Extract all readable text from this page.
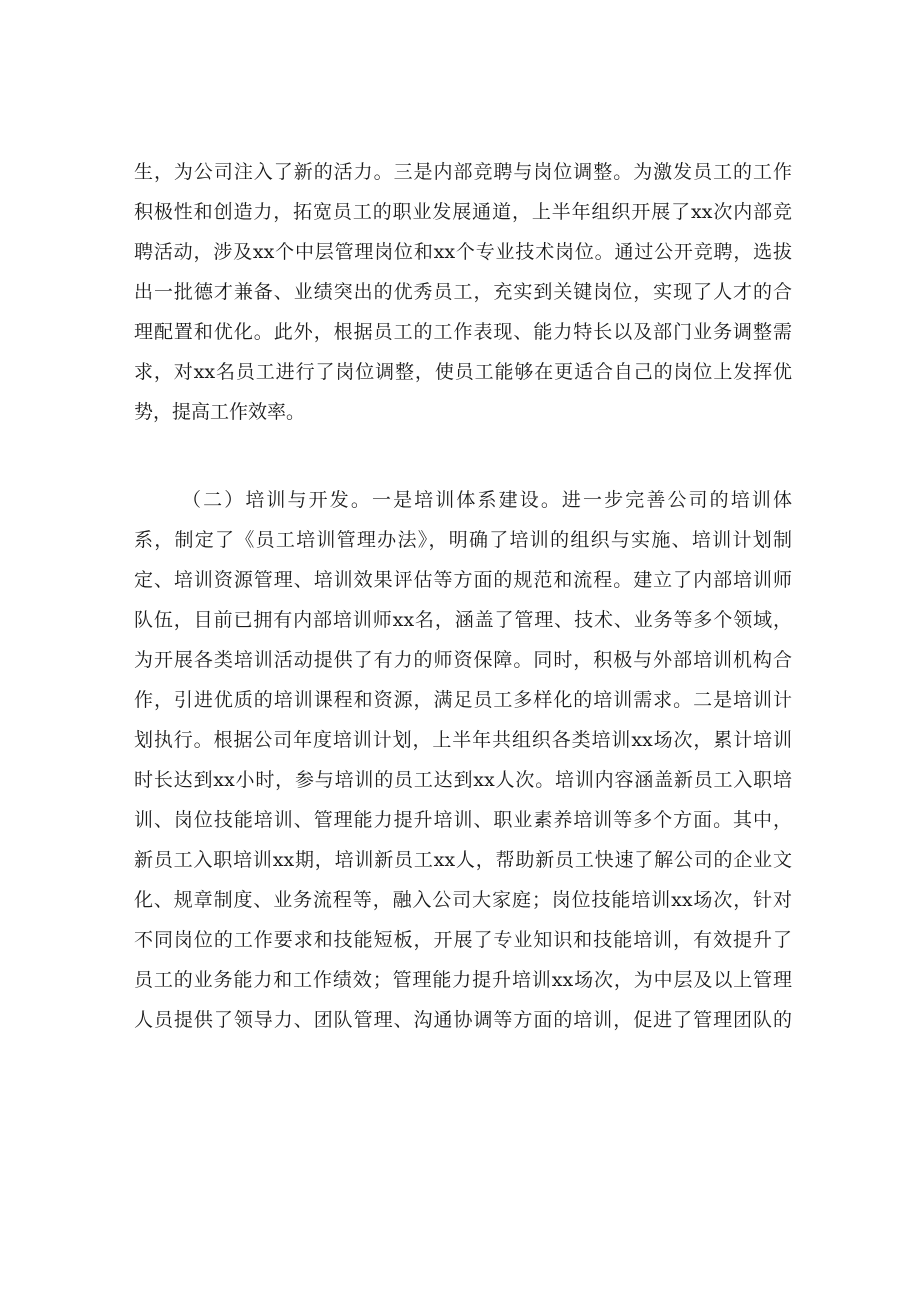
生，为公司注入了新的活力。三是内部竞聘与岗位调整。为激发员工的工作
积极性和创造力，拓宽员工的职业发展通道，上半年组织开展了xx次内部竞
聘活动，涉及xx个中层管理岗位和xx个专业技术岗位。通过公开竞聘，选拔
出一批德才兼备、业绩突出的优秀员工，充实到关键岗位，实现了人才的合
理配置和优化。此外，根据员工的工作表现、能力特长以及部门业务调整需
求，对xx名员工进行了岗位调整，使员工能够在更适合自己的岗位上发挥优
势，提高工作效率。
（二）培训与开发。一是培训体系建设。进一步完善公司的培训体
系，制定了《员工培训管理办法》，明确了培训的组织与实施、培训计划制
定、培训资源管理、培训效果评估等方面的规范和流程。建立了内部培训师
队伍，目前已拥有内部培训师xx名，涵盖了管理、技术、业务等多个领域，
为开展各类培训活动提供了有力的师资保障。同时，积极与外部培训机构合
作，引进优质的培训课程和资源，满足员工多样化的培训需求。二是培训计
划执行。根据公司年度培训计划，上半年共组织各类培训xx场次，累计培训
时长达到xx小时，参与培训的员工达到xx人次。培训内容涵盖新员工入职培
训、岗位技能培训、管理能力提升培训、职业素养培训等多个方面。其中，
新员工入职培训xx期，培训新员工xx人，帮助新员工快速了解公司的企业文
化、规章制度、业务流程等，融入公司大家庭；岗位技能培训xx场次，针对
不同岗位的工作要求和技能短板，开展了专业知识和技能培训，有效提升了
员工的业务能力和工作绩效；管理能力提升培训xx场次，为中层及以上管理
人员提供了领导力、团队管理、沟通协调等方面的培训，促进了管理团队的
